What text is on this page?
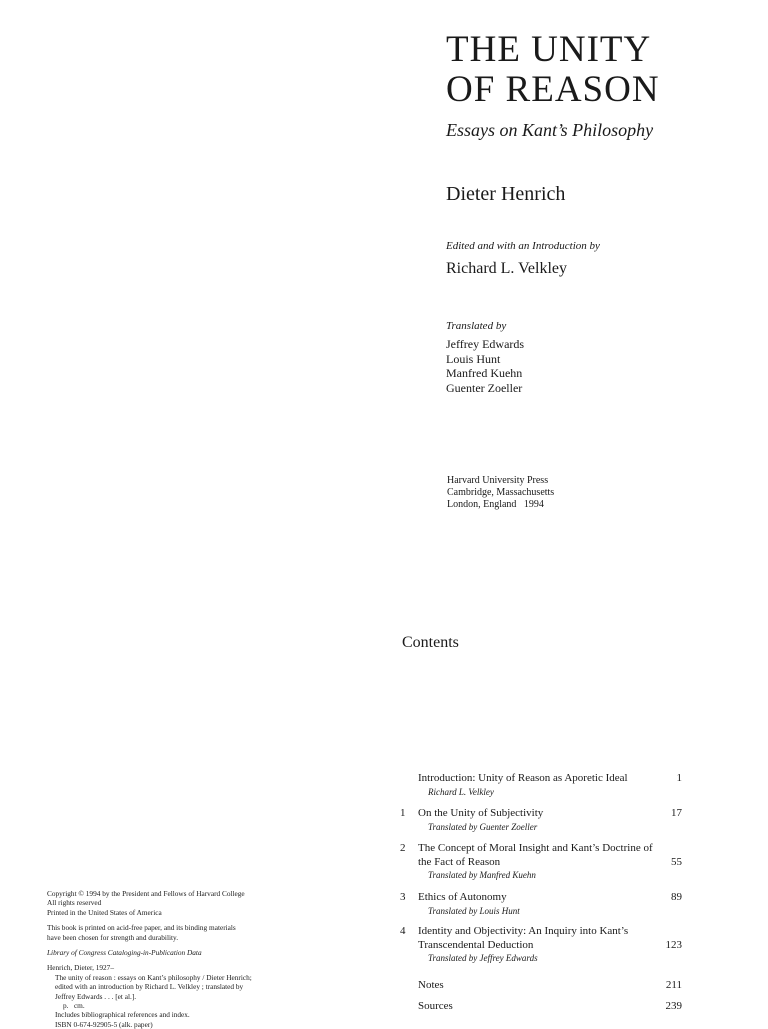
THE UNITY
OF REASON
Essays on Kant’s Philosophy
Dieter Henrich
Edited and with an Introduction by
Richard L. Velkley
Translated by
Jeffrey Edwards
Louis Hunt
Manfred Kuehn
Guenter Zoeller
Harvard University Press
Cambridge, Massachusetts
London, England   1994
Contents
1
Introduction: Unity of Reason as Aporetic Ideal
Richard L. Velkley
1	17
On the Unity of Subjectivity
Translated by Guenter Zoeller
2
55
The Concept of Moral Insight and Kant’s Doctrine of the Fact of Reason
Translated by Manfred Kuehn
3	89
Ethics of Autonomy
Translated by Louis Hunt
4
123
Identity and Objectivity: An Inquiry into Kant’s Transcendental Deduction
Translated by Jeffrey Edwards
211
Notes
239
Sources
Copyright © 1994 by the President and Fellows of Harvard College
All rights reserved
Printed in the United States of America
This book is printed on acid-free paper, and its binding materials
have been chosen for strength and durability.
Library of Congress Cataloging-in-Publication Data
Henrich, Dieter, 1927–
The unity of reason : essays on Kant’s philosophy / Dieter Henrich;
edited with an introduction by Richard L. Velkley ; translated by
Jeffrey Edwards . . . [et al.].
p.   cm.
Includes bibliographical references and index.
ISBN 0-674-92905-5 (alk. paper)
